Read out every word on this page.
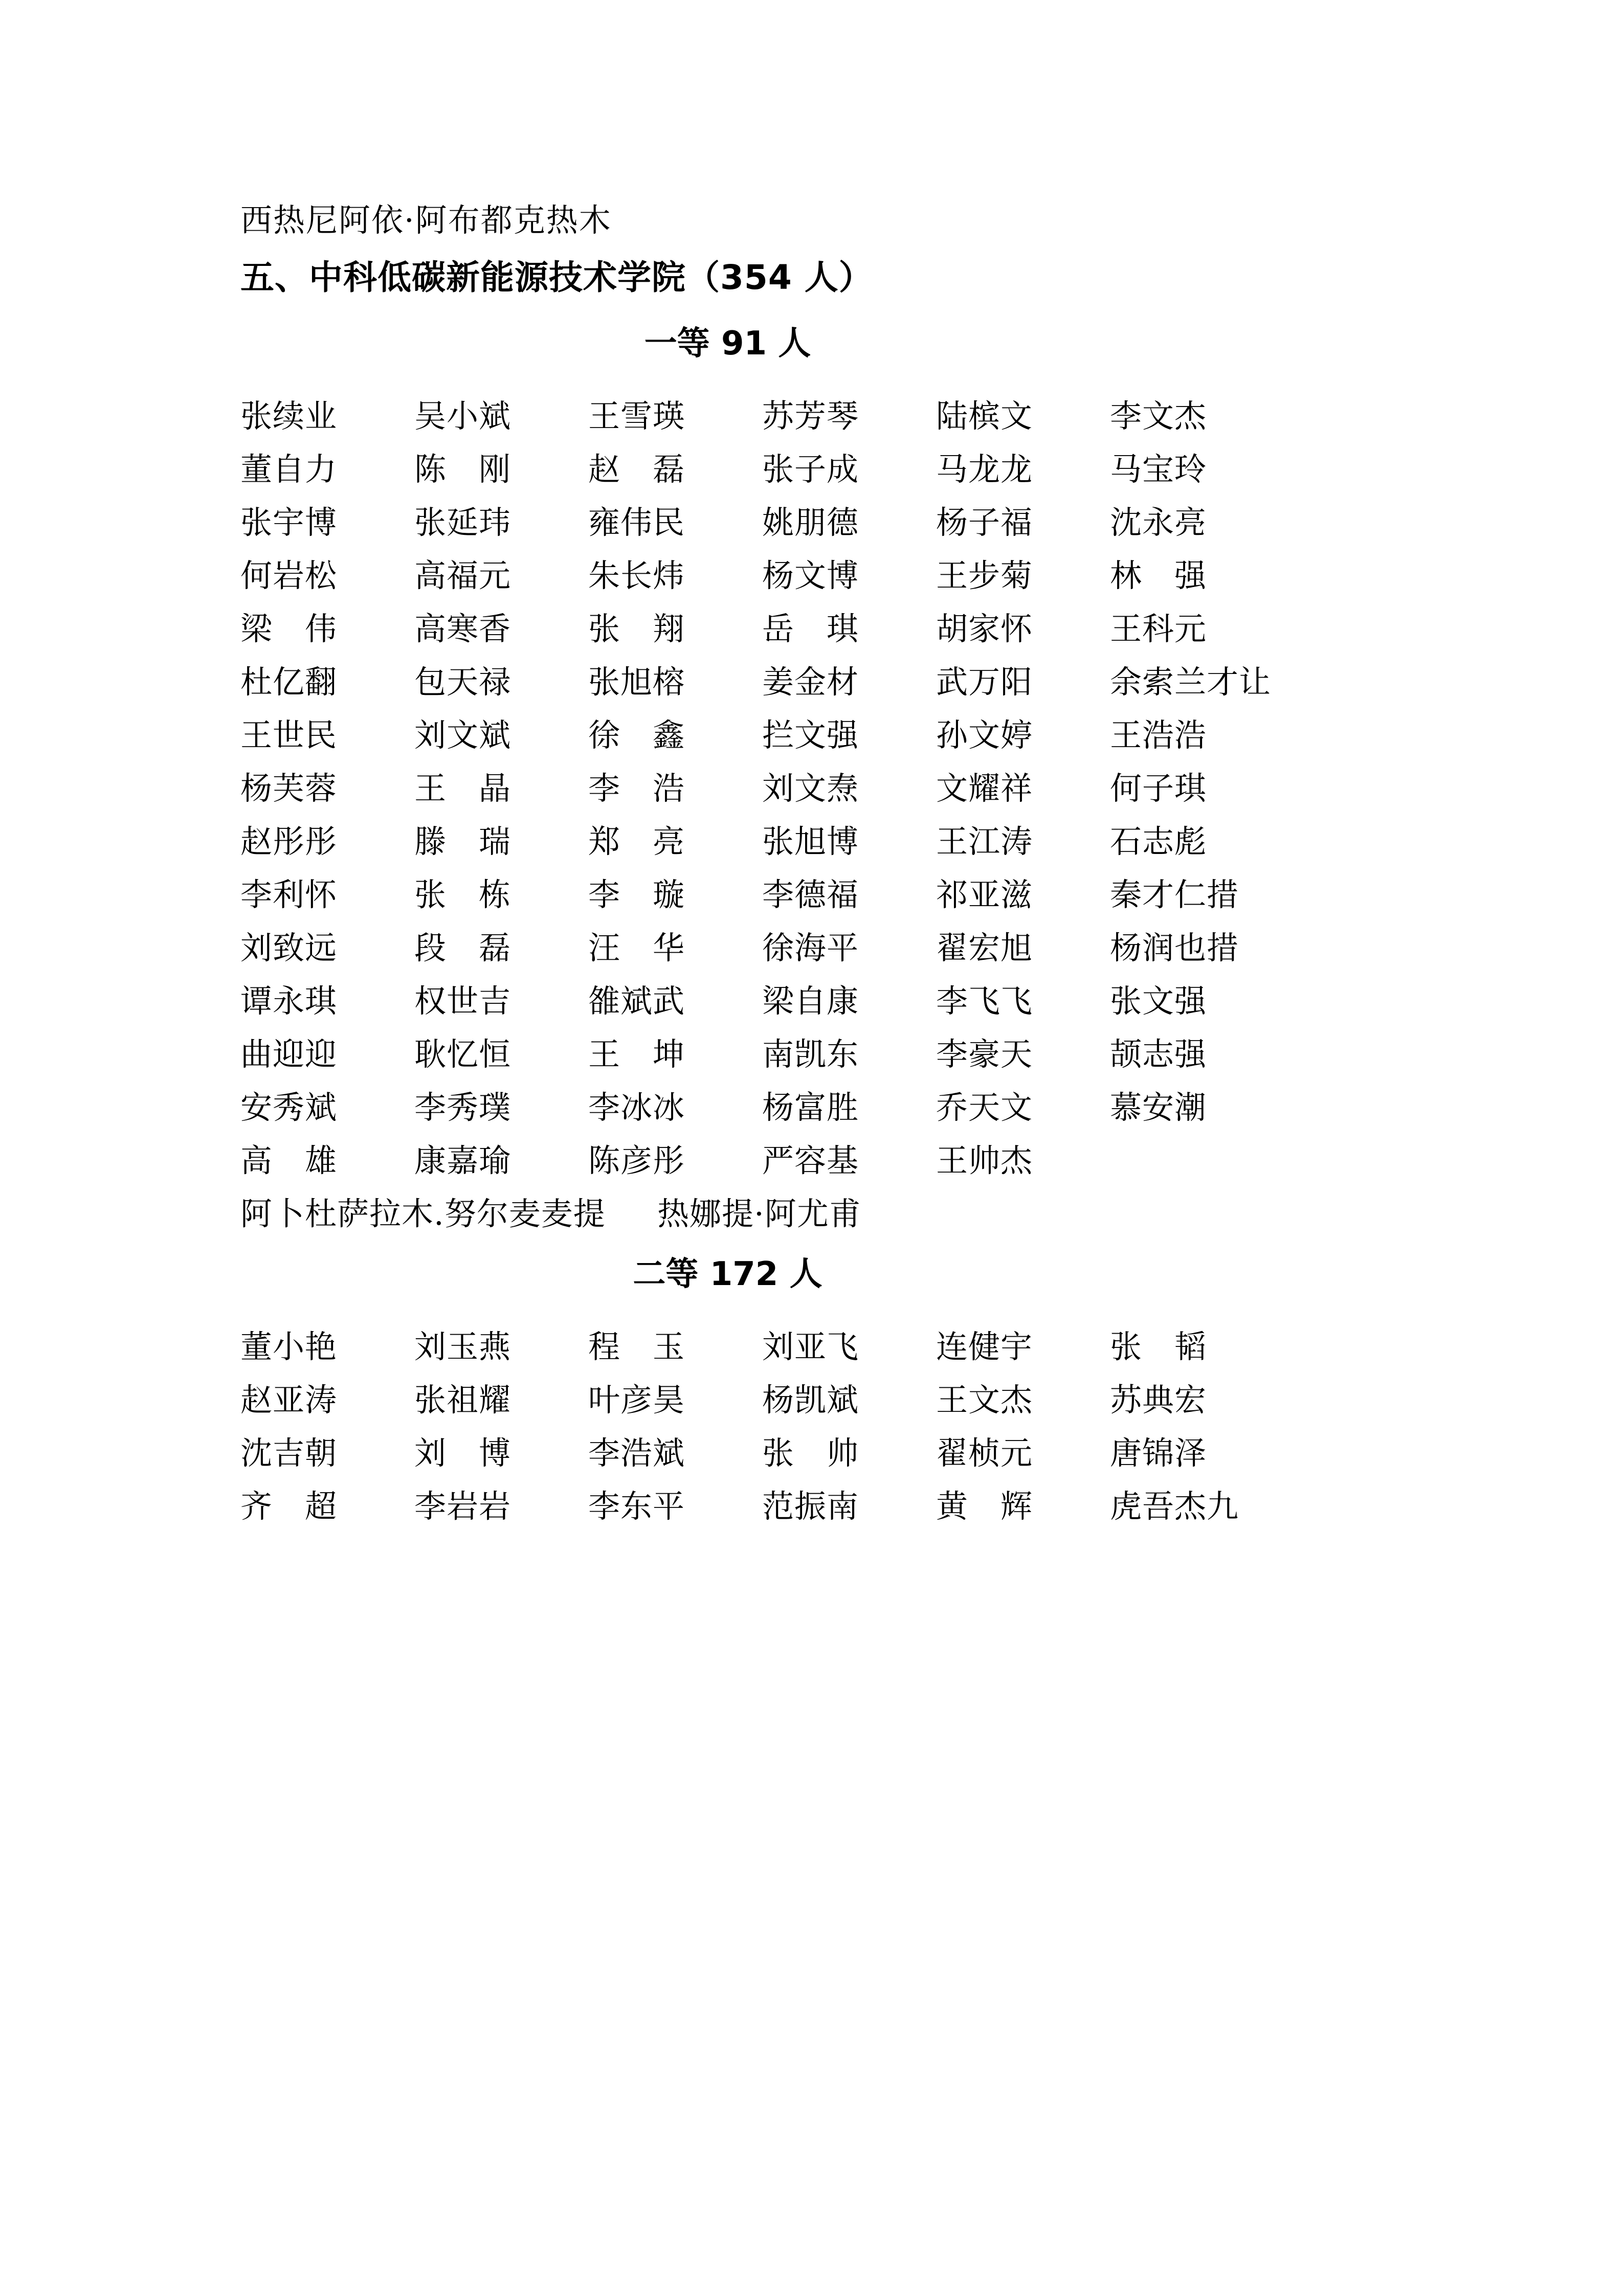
西热尼阿依·阿布都克热木
五、中科低碳新能源技术学院（354 人）
一等 91 人
张续业	吴小斌	王雪瑛	苏芳琴	陆槟文	李文杰
董自力	陈　刚	赵　磊	张子成	马龙龙	马宝玲
张宇博	张延玮	雍伟民	姚朋德	杨子福	沈永亮
何岩松	高福元	朱长炜	杨文博	王步菊	林　强
梁　伟	高寒香	张　翔	岳　琪	胡家怀	王科元
杜亿翻	包天禄	张旭榕	姜金材	武万阳	余索兰才让
王世民	刘文斌	徐　鑫	拦文强	孙文婷	王浩浩
杨芙蓉	王　晶	李　浩	刘文焘	文耀祥	何子琪
赵彤彤	滕　瑞	郑　亮	张旭博	王江涛	石志彪
李利怀	张　栋	李　璇	李德福	祁亚滋	秦才仁措
刘致远	段　磊	汪　华	徐海平	翟宏旭	杨润也措
谭永琪	权世吉	雒斌武	梁自康	李飞飞	张文强
曲迎迎	耿忆恒	王　坤	南凯东	李豪天	颉志强
安秀斌	李秀璞	李冰冰	杨富胜	乔天文	慕安潮
高　雄	康嘉瑜	陈彦彤	严容基	王帅杰
阿卜杜萨拉木.努尔麦麦提 热娜提·阿尤甫
二等 172 人
董小艳	刘玉燕	程　玉	刘亚飞	连健宇	张　韬
赵亚涛	张祖耀	叶彦昊	杨凯斌	王文杰	苏典宏
沈吉朝	刘　博	李浩斌	张　帅	翟桢元	唐锦泽
齐　超	李岩岩	李东平	范振南	黄　辉	虎吾杰九
